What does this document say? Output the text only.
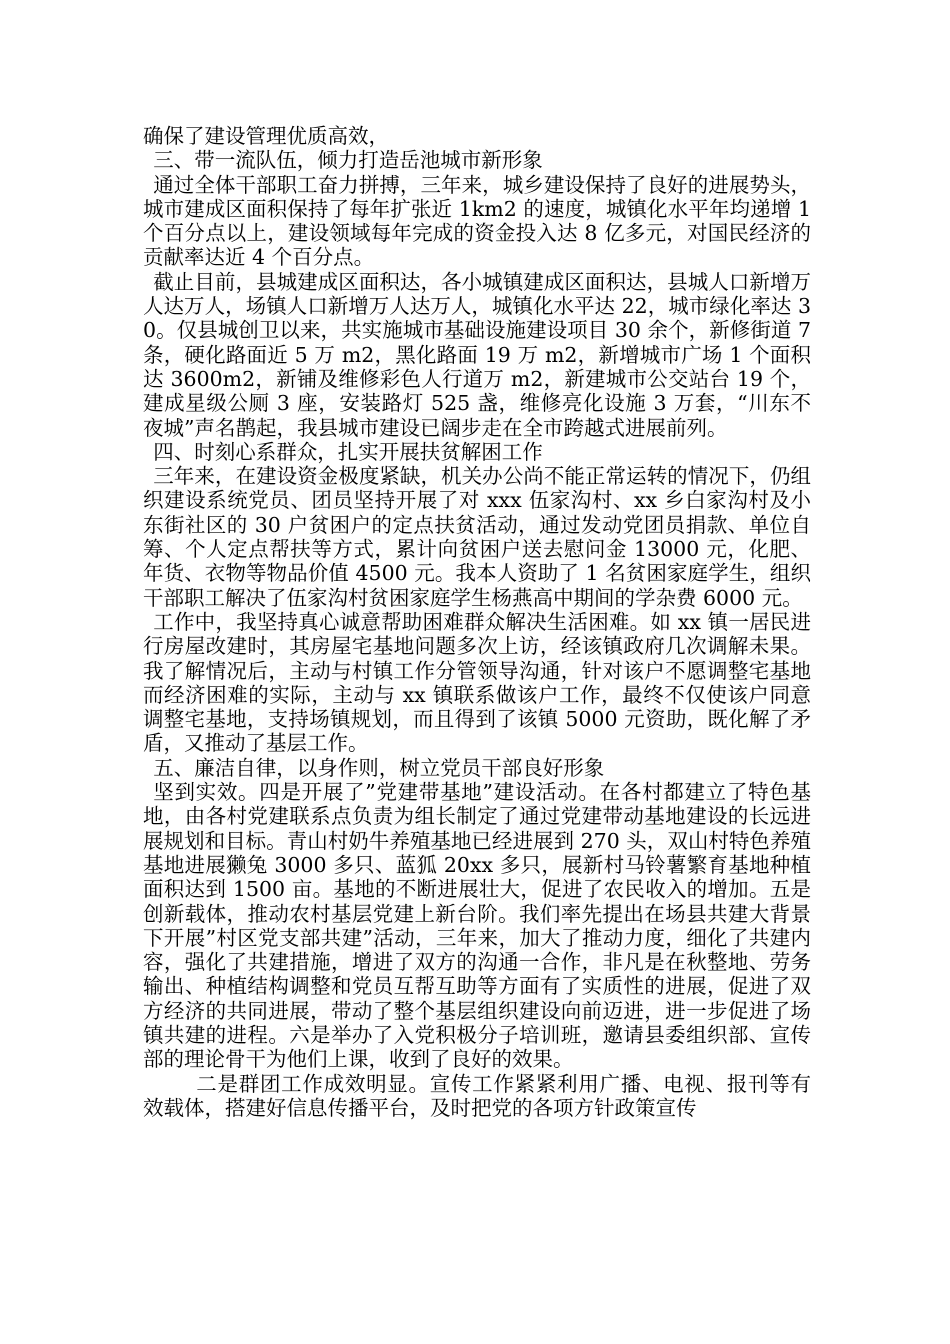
确保了建设管理优质高效，

三、带一流队伍，倾力打造岳池城市新形象

通过全体干部职工奋力拼搏，三年来，城乡建设保持了良好的进展势头，城市建成区面积保持了每年扩张近 1km2 的速度，城镇化水平年均递增 1 个百分点以上，建设领域每年完成的资金投入达 8 亿多元，对国民经济的贡献率达近 4 个百分点。

截止目前，县城建成区面积达，各小城镇建成区面积达，县城人口新增万人达万人，场镇人口新增万人达万人，城镇化水平达 22，城市绿化率达 30。仅县城创卫以来，共实施城市基础设施建设项目 30 余个，新修街道 7 条，硬化路面近 5 万 m2，黑化路面 19 万 m2，新增城市广场 1 个面积达 3600m2，新铺及维修彩色人行道万 m2，新建城市公交站台 19 个，建成星级公厕 3 座，安装路灯 525 盏，维修亮化设施 3 万套，“川东不夜城”声名鹊起，我县城市建设已阔步走在全市跨越式进展前列。

四、时刻心系群众，扎实开展扶贫解困工作

三年来，在建设资金极度紧缺，机关办公尚不能正常运转的情况下，仍组织建设系统党员、团员坚持开展了对 xxx 伍家沟村、xx 乡白家沟村及小东街社区的 30 户贫困户的定点扶贫活动，通过发动党团员捐款、单位自筹、个人定点帮扶等方式，累计向贫困户送去慰问金 13000 元，化肥、年货、衣物等物品价值 4500 元。我本人资助了 1 名贫困家庭学生，组织干部职工解决了伍家沟村贫困家庭学生杨燕高中期间的学杂费 6000 元。

工作中，我坚持真心诚意帮助困难群众解决生活困难。如 xx 镇一居民进行房屋改建时，其房屋宅基地问题多次上访，经该镇政府几次调解未果。我了解情况后，主动与村镇工作分管领导沟通，针对该户不愿调整宅基地而经济困难的实际，主动与 xx 镇联系做该户工作，最终不仅使该户同意调整宅基地，支持场镇规划，而且得到了该镇 5000 元资助，既化解了矛盾，又推动了基层工作。

五、廉洁自律，以身作则，树立党员干部良好形象

坚到实效。四是开展了”党建带基地”建设活动。在各村都建立了特色基地，由各村党建联系点负责为组长制定了通过党建带动基地建设的长远进展规划和目标。青山村奶牛养殖基地已经进展到 270 头，双山村特色养殖基地进展獭兔 3000 多只、蓝狐 20xx 多只，展新村马铃薯繁育基地种植面积达到 1500 亩。基地的不断进展壮大，促进了农民收入的增加。五是创新载体，推动农村基层党建上新台阶。我们率先提出在场县共建大背景下开展”村区党支部共建”活动，三年来，加大了推动力度，细化了共建内容，强化了共建措施，增进了双方的沟通一合作，非凡是在秋整地、劳务输出、种植结构调整和党员互帮互助等方面有了实质性的进展，促进了双方经济的共同进展，带动了整个基层组织建设向前迈进，进一步促进了场镇共建的进程。六是举办了入党积极分子培训班，邀请县委组织部、宣传部的理论骨干为他们上课，收到了良好的效果。

二是群团工作成效明显。宣传工作紧紧利用广播、电视、报刊等有效载体，搭建好信息传播平台，及时把党的各项方针政策宣传
